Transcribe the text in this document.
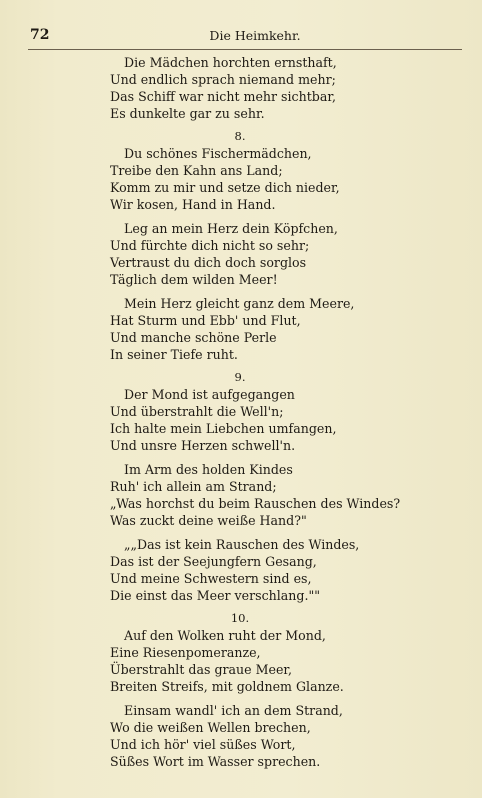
72	Die Heimkehr.
Die Mädchen horchten ernsthaft,
Und endlich sprach niemand mehr;
Das Schiff war nicht mehr sichtbar,
Es dunkelte gar zu sehr.
8.
Du schönes Fischermädchen,
Treibe den Kahn ans Land;
Komm zu mir und setze dich nieder,
Wir kosen, Hand in Hand.
Leg an mein Herz dein Köpfchen,
Und fürchte dich nicht so sehr;
Vertraust du dich doch sorglos
Täglich dem wilden Meer!
Mein Herz gleicht ganz dem Meere,
Hat Sturm und Ebb' und Flut,
Und manche schöne Perle
In seiner Tiefe ruht.
9.
Der Mond ist aufgegangen
Und überstrahlt die Well'n;
Ich halte mein Liebchen umfangen,
Und unsre Herzen schwell'n.
Im Arm des holden Kindes
Ruh' ich allein am Strand;
„Was horchst du beim Rauschen des Windes?
Was zuckt deine weiße Hand?"
„„Das ist kein Rauschen des Windes,
Das ist der Seejungfern Gesang,
Und meine Schwestern sind es,
Die einst das Meer verschlang.""
10.
Auf den Wolken ruht der Mond,
Eine Riesenpomeranze,
Überstrahlt das graue Meer,
Breiten Streifs, mit goldnem Glanze.
Einsam wandl' ich an dem Strand,
Wo die weißen Wellen brechen,
Und ich hör' viel süßes Wort,
Süßes Wort im Wasser sprechen.
